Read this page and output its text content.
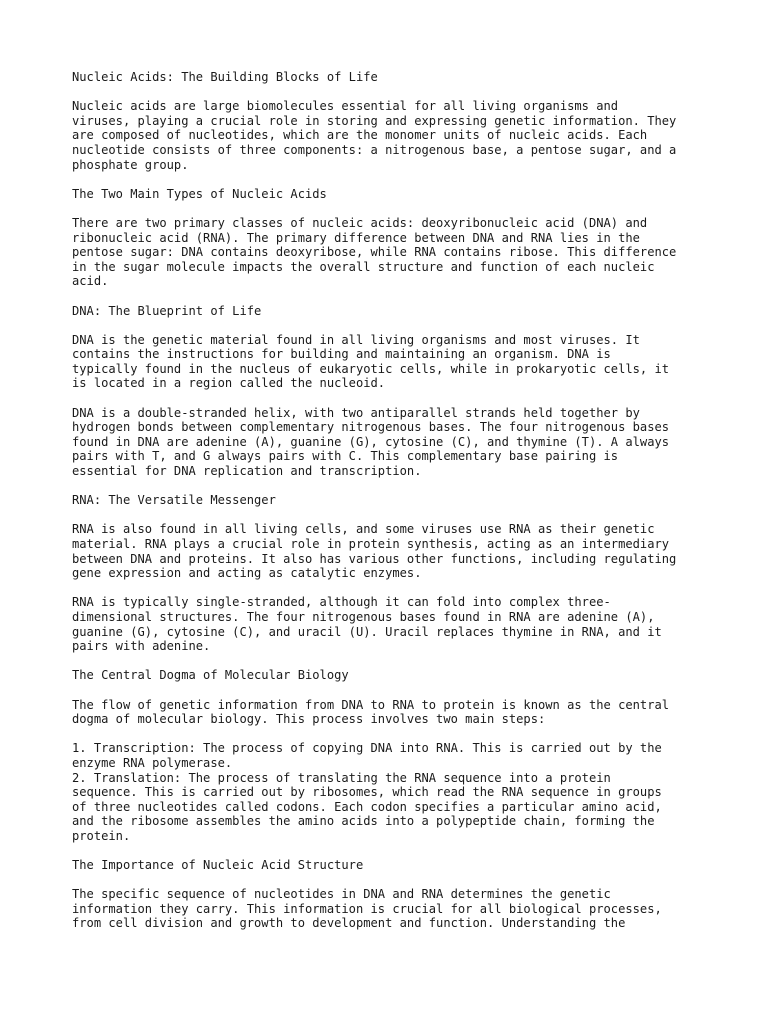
Nucleic Acids: The Building Blocks of Life

Nucleic acids are large biomolecules essential for all living organisms and
viruses, playing a crucial role in storing and expressing genetic information. They
are composed of nucleotides, which are the monomer units of nucleic acids. Each
nucleotide consists of three components: a nitrogenous base, a pentose sugar, and a
phosphate group.

The Two Main Types of Nucleic Acids

There are two primary classes of nucleic acids: deoxyribonucleic acid (DNA) and
ribonucleic acid (RNA). The primary difference between DNA and RNA lies in the
pentose sugar: DNA contains deoxyribose, while RNA contains ribose. This difference
in the sugar molecule impacts the overall structure and function of each nucleic
acid.

DNA: The Blueprint of Life

DNA is the genetic material found in all living organisms and most viruses. It
contains the instructions for building and maintaining an organism. DNA is
typically found in the nucleus of eukaryotic cells, while in prokaryotic cells, it
is located in a region called the nucleoid.

DNA is a double-stranded helix, with two antiparallel strands held together by
hydrogen bonds between complementary nitrogenous bases. The four nitrogenous bases
found in DNA are adenine (A), guanine (G), cytosine (C), and thymine (T). A always
pairs with T, and G always pairs with C. This complementary base pairing is
essential for DNA replication and transcription.

RNA: The Versatile Messenger

RNA is also found in all living cells, and some viruses use RNA as their genetic
material. RNA plays a crucial role in protein synthesis, acting as an intermediary
between DNA and proteins. It also has various other functions, including regulating
gene expression and acting as catalytic enzymes.

RNA is typically single-stranded, although it can fold into complex three-
dimensional structures. The four nitrogenous bases found in RNA are adenine (A),
guanine (G), cytosine (C), and uracil (U). Uracil replaces thymine in RNA, and it
pairs with adenine.

The Central Dogma of Molecular Biology

The flow of genetic information from DNA to RNA to protein is known as the central
dogma of molecular biology. This process involves two main steps:

1. Transcription: The process of copying DNA into RNA. This is carried out by the
enzyme RNA polymerase.

2. Translation: The process of translating the RNA sequence into a protein
sequence. This is carried out by ribosomes, which read the RNA sequence in groups
of three nucleotides called codons. Each codon specifies a particular amino acid,
and the ribosome assembles the amino acids into a polypeptide chain, forming the
protein.

The Importance of Nucleic Acid Structure

The specific sequence of nucleotides in DNA and RNA determines the genetic
information they carry. This information is crucial for all biological processes,
from cell division and growth to development and function. Understanding the
